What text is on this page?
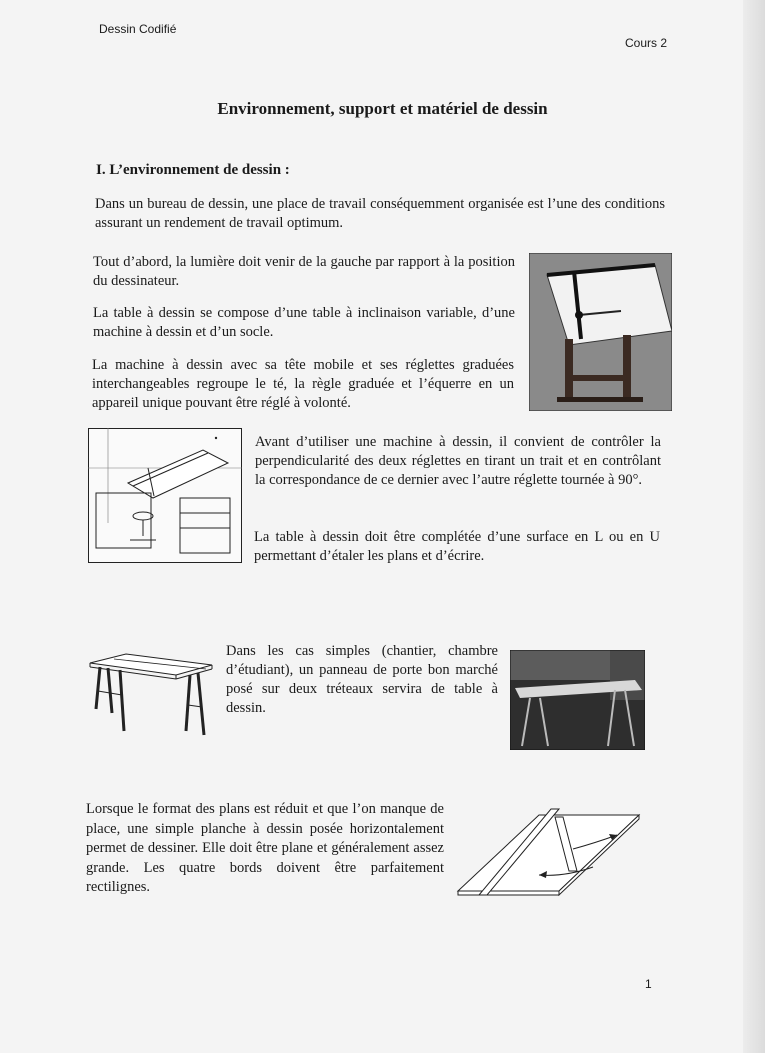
Dessin Codifié
Cours 2
Environnement, support et matériel de dessin
I. L’environnement de dessin :

Dans un bureau de dessin, une place de travail conséquemment organisée est l’une des conditions assurant un rendement de travail optimum.

Tout d’abord, la lumière doit venir de la gauche par rapport à la position du dessinateur.

La table à dessin se compose d’une table à inclinaison variable, d’une machine à dessin et d’un socle.

La machine à dessin avec sa tête mobile et ses réglettes graduées interchangeables regroupe le té, la règle graduée et l’équerre en un appareil unique pouvant être réglé à volonté.

Avant d’utiliser une machine à dessin, il convient de contrôler la perpendicularité des deux réglettes en tirant un trait et en contrôlant la correspondance de ce dernier avec l’autre réglette tournée à 90°.

La table à dessin doit être complétée d’une surface en L ou en U permettant d’étaler les plans et d’écrire.

Dans les cas simples (chantier, chambre d’étudiant), un panneau de porte bon marché posé sur deux tréteaux servira de table à dessin.

Lorsque le format des plans est réduit et que l’on manque de place, une simple planche à dessin posée horizontalement permet de dessiner. Elle doit être plane et généralement assez grande. Les quatre bords doivent être parfaitement rectilignes.

1
